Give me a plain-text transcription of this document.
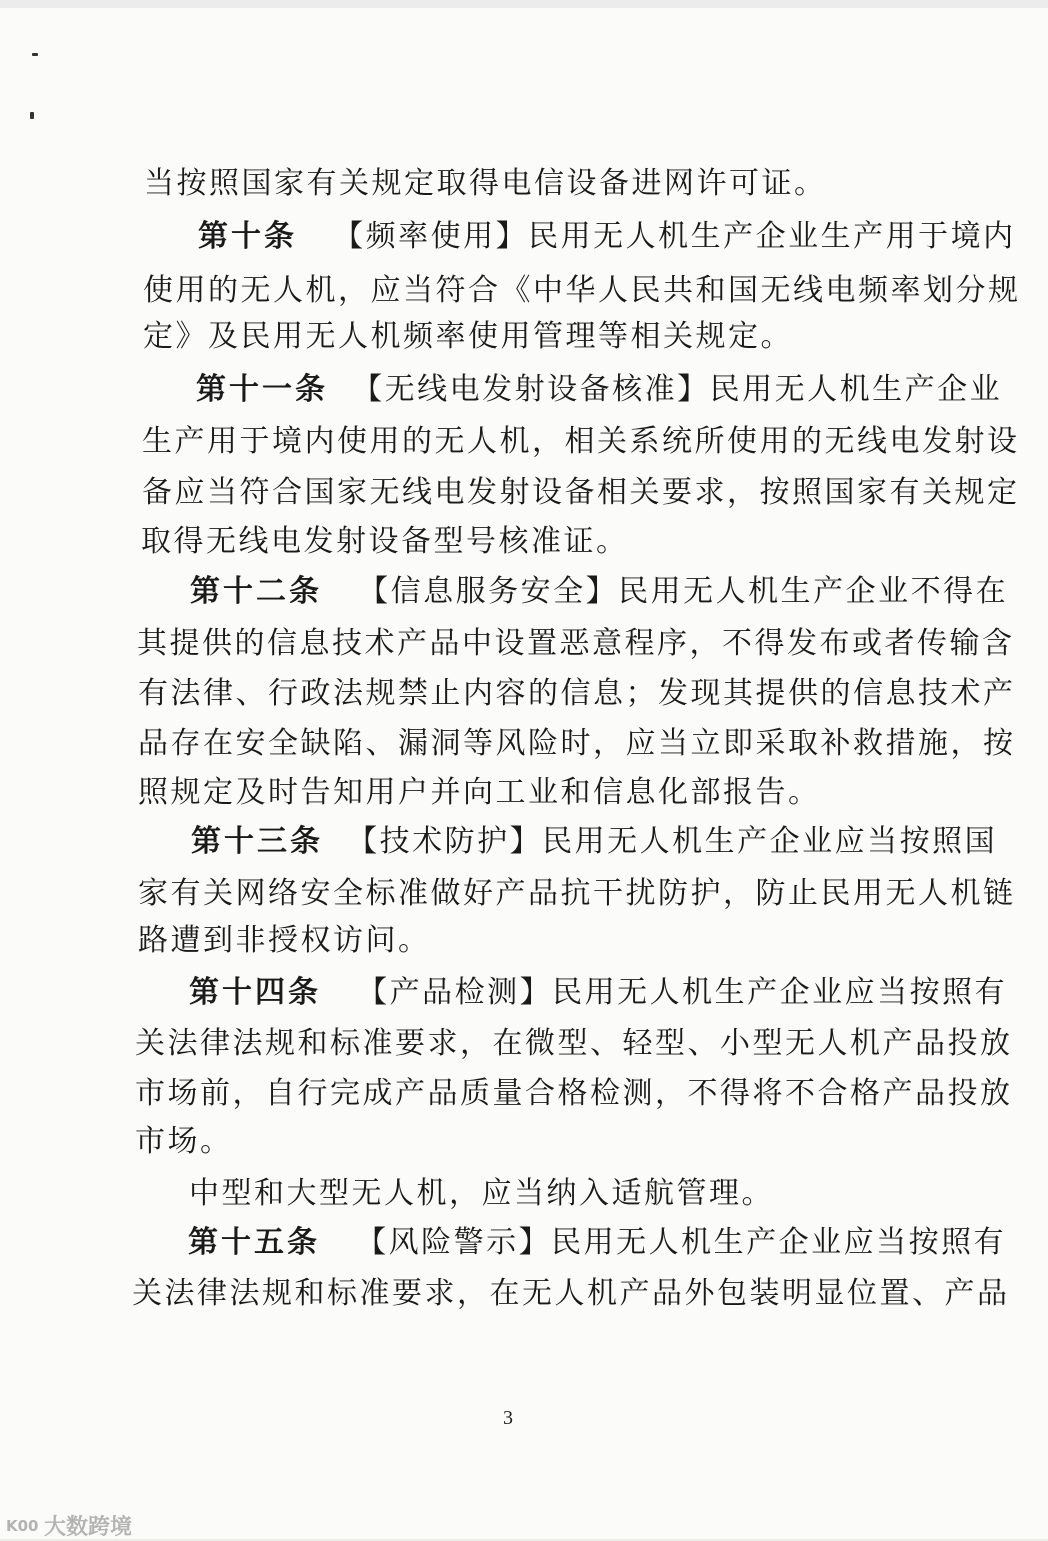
当按照国家有关规定取得电信设备进网许可证。
第十条 【频率使用】民用无人机生产企业生产用于境内
使用的无人机，应当符合《中华人民共和国无线电频率划分规
定》及民用无人机频率使用管理等相关规定。
第十一条 【无线电发射设备核准】民用无人机生产企业
生产用于境内使用的无人机，相关系统所使用的无线电发射设
备应当符合国家无线电发射设备相关要求，按照国家有关规定
取得无线电发射设备型号核准证。
第十二条 【信息服务安全】民用无人机生产企业不得在
其提供的信息技术产品中设置恶意程序，不得发布或者传输含
有法律、行政法规禁止内容的信息；发现其提供的信息技术产
品存在安全缺陷、漏洞等风险时，应当立即采取补救措施，按
照规定及时告知用户并向工业和信息化部报告。
第十三条 【技术防护】民用无人机生产企业应当按照国
家有关网络安全标准做好产品抗干扰防护，防止民用无人机链
路遭到非授权访问。
第十四条 【产品检测】民用无人机生产企业应当按照有
关法律法规和标准要求，在微型、轻型、小型无人机产品投放
市场前，自行完成产品质量合格检测，不得将不合格产品投放
市场。
中型和大型无人机，应当纳入适航管理。
第十五条 【风险警示】民用无人机生产企业应当按照有
关法律法规和标准要求，在无人机产品外包装明显位置、产品
3
K00 大数跨境
